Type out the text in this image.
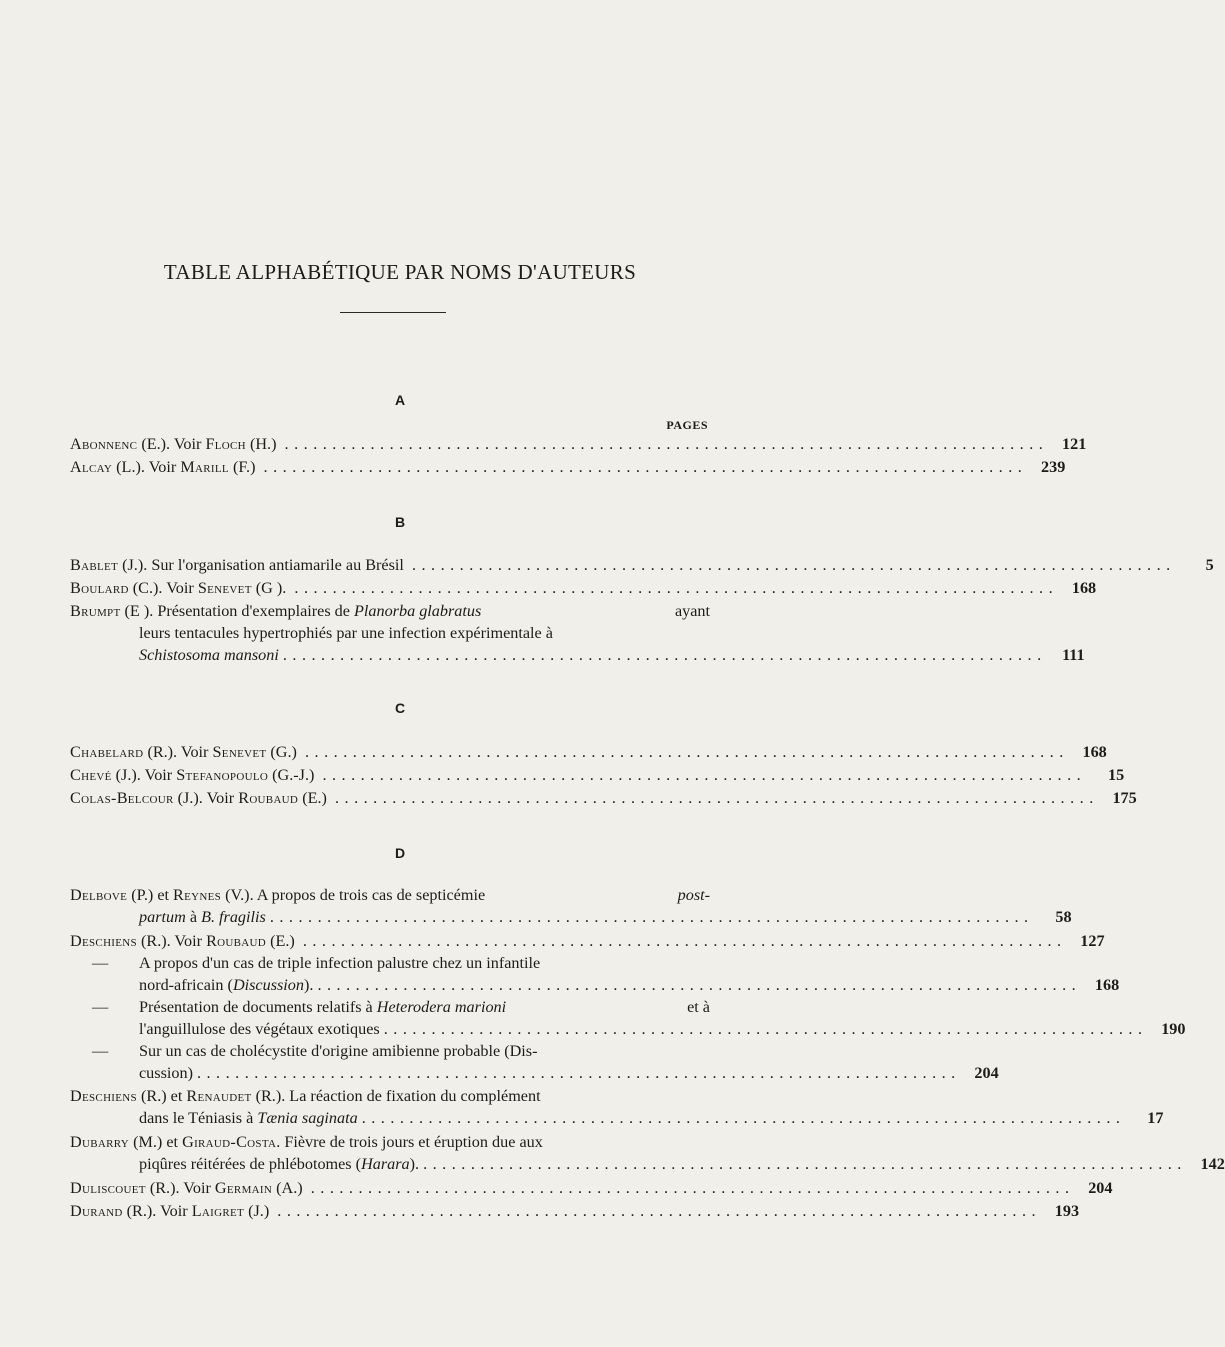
TABLE ALPHABÉTIQUE PAR NOMS D'AUTEURS
A
PAGES
Abonnenc (E.). Voir Floch (H.) ................................................................................ 121
Alcay (L.). Voir Marill (F.) ................................................................................ 239
B
Bablet (J.). Sur l'organisation antiamarile au Brésil ................................................................................	5
Boulard (C.). Voir Senevet (G ). ................................................................................ 168
Brumpt (E ). Présentation d'exemplaires de Planorba glabratus	ayant
leurs tentacules hypertrophiés par une infection expérimentale à
Schistosoma mansoni ................................................................................ 111
C
Chabelard (R.). Voir Senevet (G.) ................................................................................ 168
Chevé (J.). Voir Stefanopoulo (G.-J.) ................................................................................	15
Colas-Belcour (J.). Voir Roubaud (E.) ................................................................................ 175
D
Delbove (P.) et Reynes (V.). A propos de trois cas de septicémie	post-
partum à B. fragilis ................................................................................	58
Deschiens (R.). Voir Roubaud (E.) ................................................................................ 127
—	A propos d'un cas de triple infection palustre chez un infantile
nord-africain ( Discussion ). ................................................................................ 168
—	Présentation de documents relatifs à Heterodera marioni	et à
l'anguillulose des végétaux exotiques ................................................................................ 190
—	Sur un cas de cholécystite d'origine amibienne probable (Dis-
cussion) ................................................................................ 204
Deschiens (R.) et Renaudet (R.). La réaction de fixation du complément
dans le Téniasis à Tænia saginata ................................................................................	17
Dubarry (M.) et Giraud-Costa. Fièvre de trois jours et éruption due aux
piqûres réitérées de phlébotomes ( Harara ). ................................................................................ 142
Duliscouet (R.). Voir Germain (A.) ................................................................................ 204
Durand (R.). Voir Laigret (J.) ................................................................................ 193
